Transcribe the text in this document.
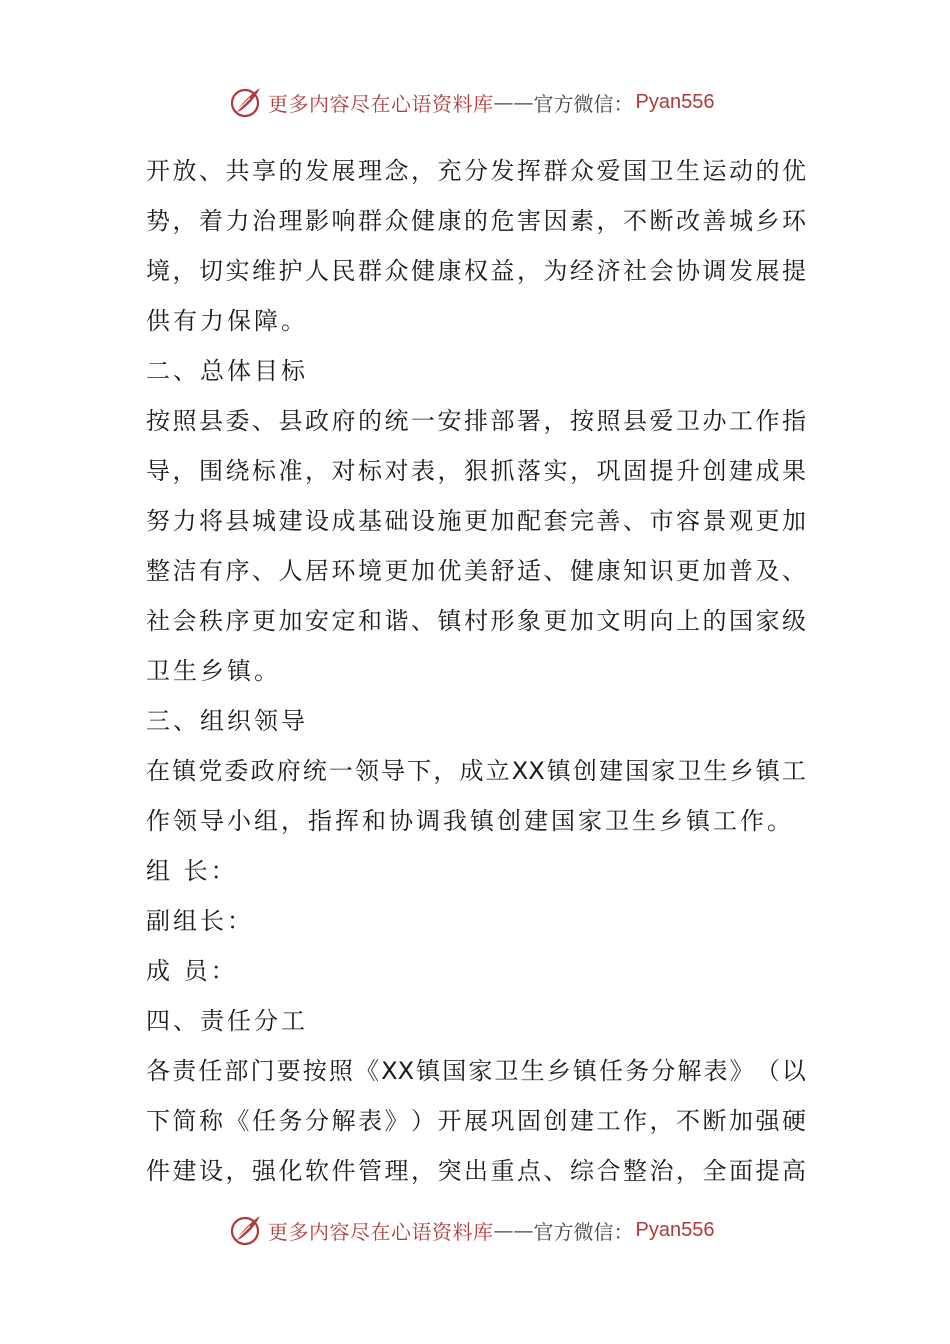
更多内容尽在心语资料库 —— 官方微信： Pyan556
开 放 、 共 享 的 发 展 理 念 ， 充 分 发 挥 群 众 爱 国 卫 生 运 动 的 优
势 ， 着 力 治 理 影 响 群 众 健 康 的 危 害 因 素 ， 不 断 改 善 城 乡 环
境 ， 切 实 维 护 人 民 群 众 健 康 权 益 ， 为 经 济 社 会 协 调 发 展 提
供有力保障。
二、总体目标
按 照 县 委 、 县 政 府 的 统 一 安 排 部 署 ， 按 照 县 爱 卫 办 工 作 指
导 ， 围 绕 标 准 ， 对 标 对 表 ， 狠 抓 落 实 ， 巩 固 提 升 创 建 成 果
努 力 将 县 城 建 设 成 基 础 设 施 更 加 配 套 完 善 、 市 容 景 观 更 加
整 洁 有 序 、 人 居 环 境 更 加 优 美 舒 适 、 健 康 知 识 更 加 普 及 、
社 会 秩 序 更 加 安 定 和 谐 、 镇 村 形 象 更 加 文 明 向 上 的 国 家 级
卫生乡镇。
三、组织领导
在 镇 党 委 政 府 统 一 领 导 下 ， 成 立 XX 镇 创 建 国 家 卫 生 乡 镇 工
作领导小组，指挥和协调我镇创建国家卫生乡镇工作。
组 长：
副组长：
成 员：
四、责任分工
各 责 任 部 门 要 按 照 《 XX 镇 国 家 卫 生 乡 镇 任 务 分 解 表 》 （ 以
下 简 称 《 任 务 分 解 表 》 ） 开 展 巩 固 创 建 工 作 ， 不 断 加 强 硬
件 建 设 ， 强 化 软 件 管 理 ， 突 出 重 点 、 综 合 整 治 ， 全 面 提 高
更多内容尽在心语资料库 —— 官方微信： Pyan556
